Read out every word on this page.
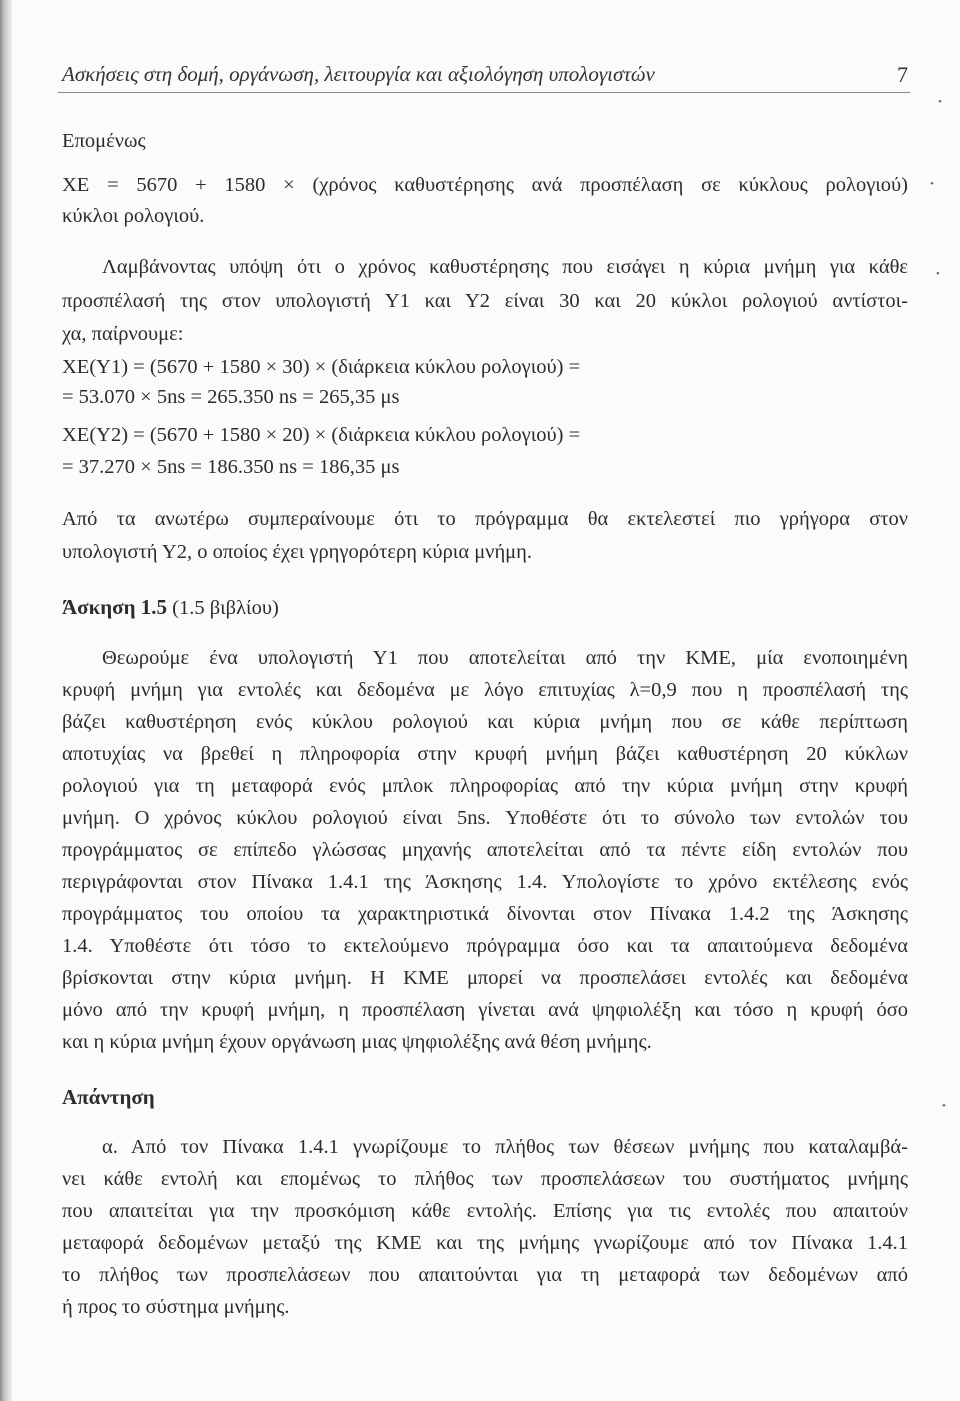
•
•
•
•
Ασκήσεις στη δομή, οργάνωση, λειτουργία και αξιολόγηση υπολογιστών	7
Επομένως
ΧΕ = 5670 + 1580 × (χρόνος καθυστέρησης ανά προσπέλαση σε κύκλους ρολογιού)
κύκλοι ρολογιού.
Λαμβάνοντας υπόψη ότι ο χρόνος καθυστέρησης που εισάγει η κύρια μνήμη για κάθε
προσπέλασή της στον υπολογιστή Υ1 και Υ2 είναι 30 και 20 κύκλοι ρολογιού αντίστοι-
χα, παίρνουμε:
ΧΕ(Υ1) = (5670 + 1580 × 30) × (διάρκεια κύκλου ρολογιού) =
= 53.070 × 5ns = 265.350 ns = 265,35 μs
ΧΕ(Υ2) = (5670 + 1580 × 20) × (διάρκεια κύκλου ρολογιού) =
= 37.270 × 5ns = 186.350 ns = 186,35 μs
Από τα ανωτέρω συμπεραίνουμε ότι το πρόγραμμα θα εκτελεστεί πιο γρήγορα στον
υπολογιστή Υ2, ο οποίος έχει γρηγορότερη κύρια μνήμη.
Άσκηση 1.5 (1.5 βιβλίου)
Θεωρούμε ένα υπολογιστή Υ1 που αποτελείται από την ΚΜΕ, μία ενοποιημένη
κρυφή μνήμη για εντολές και δεδομένα με λόγο επιτυχίας λ=0,9 που η προσπέλασή της
βάζει καθυστέρηση ενός κύκλου ρολογιού και κύρια μνήμη που σε κάθε περίπτωση
αποτυχίας να βρεθεί η πληροφορία στην κρυφή μνήμη βάζει καθυστέρηση 20 κύκλων
ρολογιού για τη μεταφορά ενός μπλοκ πληροφορίας από την κύρια μνήμη στην κρυφή
μνήμη. Ο χρόνος κύκλου ρολογιού είναι 5ns. Υποθέστε ότι το σύνολο των εντολών του
προγράμματος σε επίπεδο γλώσσας μηχανής αποτελείται από τα πέντε είδη εντολών που
περιγράφονται στον Πίνακα 1.4.1 της Άσκησης 1.4. Υπολογίστε το χρόνο εκτέλεσης ενός
προγράμματος του οποίου τα χαρακτηριστικά δίνονται στον Πίνακα 1.4.2 της Άσκησης
1.4. Υποθέστε ότι τόσο το εκτελούμενο πρόγραμμα όσο και τα απαιτούμενα δεδομένα
βρίσκονται στην κύρια μνήμη. Η ΚΜΕ μπορεί να προσπελάσει εντολές και δεδομένα
μόνο από την κρυφή μνήμη, η προσπέλαση γίνεται ανά ψηφιολέξη και τόσο η κρυφή όσο
και η κύρια μνήμη έχουν οργάνωση μιας ψηφιολέξης ανά θέση μνήμης.
Απάντηση
α. Από τον Πίνακα 1.4.1 γνωρίζουμε το πλήθος των θέσεων μνήμης που καταλαμβά-
νει κάθε εντολή και επομένως το πλήθος των προσπελάσεων του συστήματος μνήμης
που απαιτείται για την προσκόμιση κάθε εντολής. Επίσης για τις εντολές που απαιτούν
μεταφορά δεδομένων μεταξύ της ΚΜΕ και της μνήμης γνωρίζουμε από τον Πίνακα 1.4.1
το πλήθος των προσπελάσεων που απαιτούνται για τη μεταφορά των δεδομένων από
ή προς το σύστημα μνήμης.
